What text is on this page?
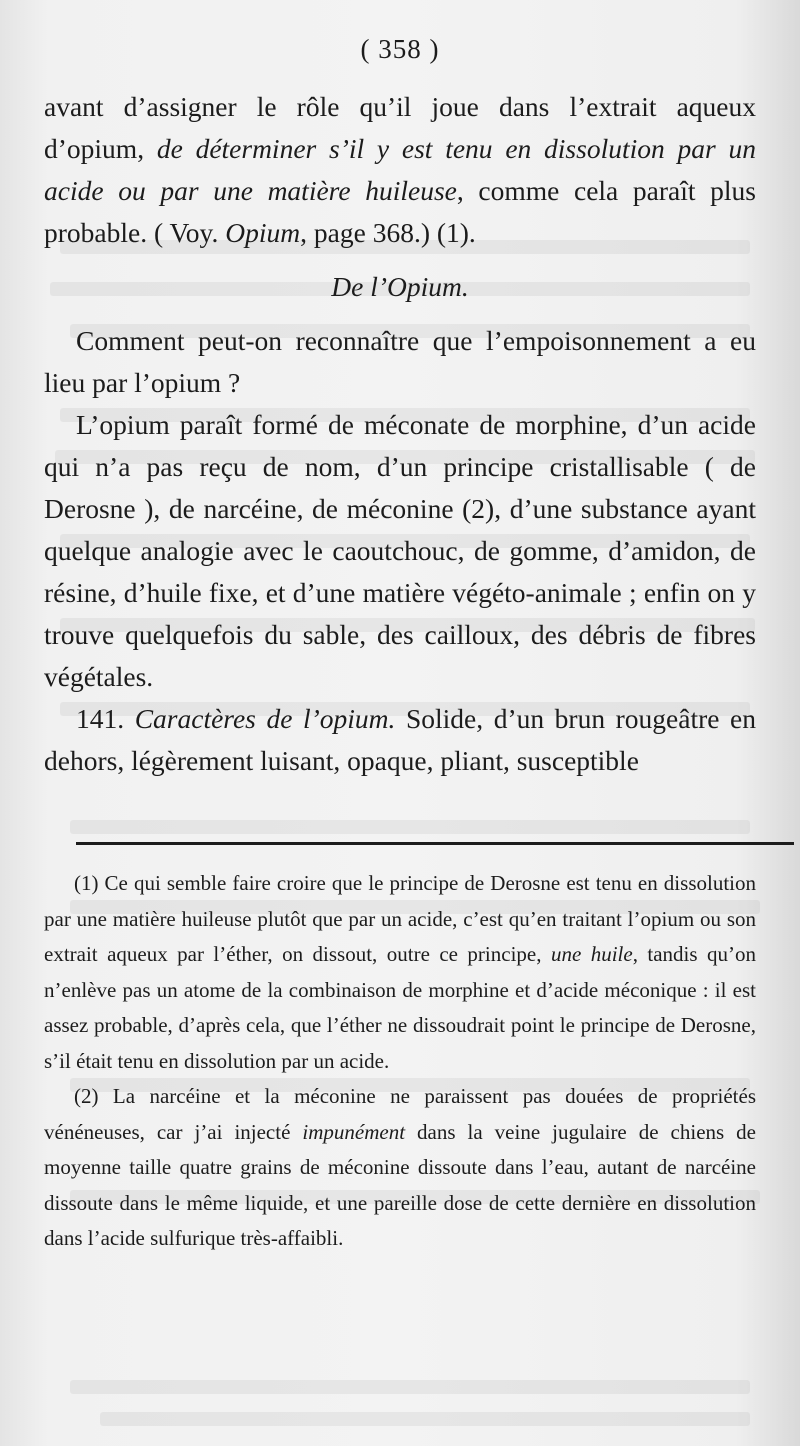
( 358 )

avant d’assigner le rôle qu’il joue dans l’extrait aqueux d’opium, de déterminer s’il y est tenu en dissolution par un acide ou par une matière huileuse, comme cela paraît plus probable. ( Voy. Opium, page 368.) (1).

De l’Opium.

Comment peut-on reconnaître que l’empoisonnement a eu lieu par l’opium ?

L’opium paraît formé de méconate de morphine, d’un acide qui n’a pas reçu de nom, d’un principe cristallisable ( de Derosne ), de narcéine, de méconine (2), d’une substance ayant quelque analogie avec le caoutchouc, de gomme, d’amidon, de résine, d’huile fixe, et d’une matière végéto-animale ; enfin on y trouve quelquefois du sable, des cailloux, des débris de fibres végétales.

141. Caractères de l’opium. Solide, d’un brun rougeâtre en dehors, légèrement luisant, opaque, pliant, susceptible

(1) Ce qui semble faire croire que le principe de Derosne est tenu en dissolution par une matière huileuse plutôt que par un acide, c’est qu’en traitant l’opium ou son extrait aqueux par l’éther, on dissout, outre ce principe, une huile, tandis qu’on n’enlève pas un atome de la combinaison de morphine et d’acide méconique : il est assez probable, d’après cela, que l’éther ne dissoudrait point le principe de Derosne, s’il était tenu en dissolution par un acide.

(2) La narcéine et la méconine ne paraissent pas douées de propriétés vénéneuses, car j’ai injecté impunément dans la veine jugulaire de chiens de moyenne taille quatre grains de méconine dissoute dans l’eau, autant de narcéine dissoute dans le même liquide, et une pareille dose de cette dernière en dissolution dans l’acide sulfurique très-affaibli.
